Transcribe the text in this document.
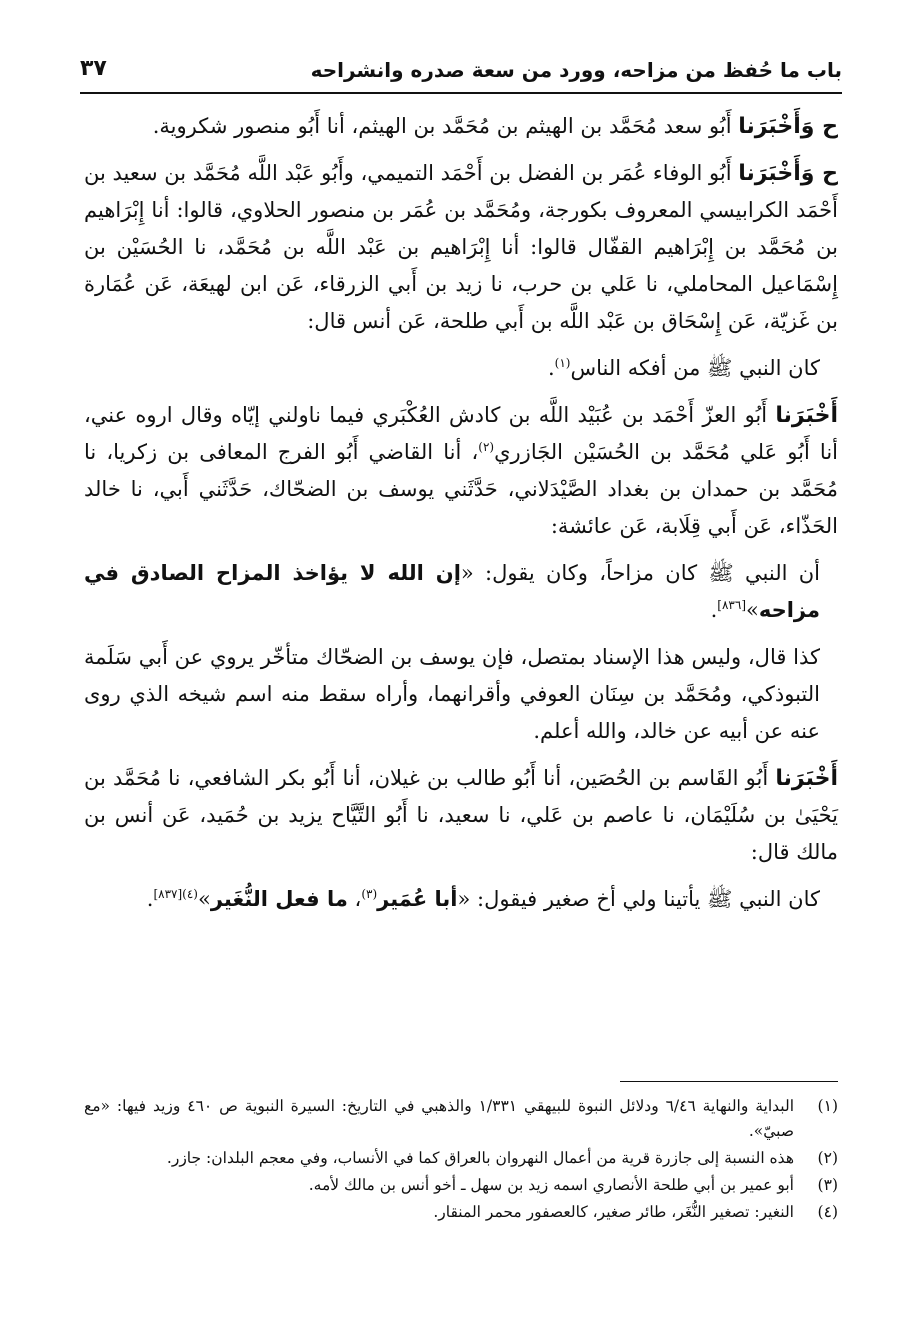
باب ما حُفظ من مزاحه، وورد من سعة صدره وانشراحه
٣٧

ح وَأَخْبَرَنا أَبُو سعد مُحَمَّد بن الهيثم بن مُحَمَّد بن الهيثم، أنا أَبُو منصور شكروية.

ح وَأَخْبَرَنا أَبُو الوفاء عُمَر بن الفضل بن أَحْمَد التميمي، وأَبُو عَبْد اللَّه مُحَمَّد بن سعيد بن أَحْمَد الكرابيسي المعروف بكورجة، ومُحَمَّد بن عُمَر بن منصور الحلاوي، قالوا: أنا إِبْرَاهيم بن مُحَمَّد بن إِبْرَاهيم القفّال قالوا: أنا إِبْرَاهيم بن عَبْد اللَّه بن مُحَمَّد، نا الحُسَيْن بن إِسْمَاعيل المحاملي، نا عَلي بن حرب، نا زيد بن أَبي الزرقاء، عَن ابن لهيعَة، عَن عُمَارة بن غَزيّة، عَن إِسْحَاق بن عَبْد اللَّه بن أَبي طلحة، عَن أنس قال:

كان النبي ﷺ من أفكه الناس$^{(١)}$.

أَخْبَرَنا أَبُو العزّ أَحْمَد بن عُبَيْد اللَّه بن كادش العُكْبَري فيما ناولني إيّاه وقال اروه عني، أنا أَبُو عَلي مُحَمَّد بن الحُسَيْن الجَازري$^{(٢)}$، أنا القاضي أَبُو الفرج المعافى بن زكريا، نا مُحَمَّد بن حمدان بن بغداد الصَّيْدَلاني، حَدَّثَني يوسف بن الضحّاك، حَدَّثَني أَبي، نا خالد الحَذّاء، عَن أَبي قِلَابة، عَن عائشة:

أن النبي ﷺ كان مزاحاً، وكان يقول: «إن الله لا يؤاخذ المزاح الصادق في مزاحه»[٨٣٦].

كذا قال، وليس هذا الإسناد بمتصل، فإن يوسف بن الضحّاك متأخّر يروي عن أَبي سَلَمة التبوذكي، ومُحَمَّد بن سِنَان العوفي وأقرانهما، وأراه سقط منه اسم شيخه الذي روى عنه عن أبيه عن خالد، والله أعلم.

أَخْبَرَنا أَبُو القَاسم بن الحُصَين، أنا أَبُو طالب بن غيلان، أنا أَبُو بكر الشافعي، نا مُحَمَّد بن يَحْيَىٰ بن سُلَيْمَان، نا عاصم بن عَلي، نا سعيد، نا أَبُو التَّيَّاح يزيد بن حُمَيد، عَن أنس بن مالك قال:

كان النبي ﷺ يأتينا ولي أخ صغير فيقول: «أبا عُمَير$^{(٣)}$، ما فعل النُّغَير»$^{(٤)[٨٣٧]}$.

(١)
البداية والنهاية ٦/٤٦ ودلائل النبوة للبيهقي ١/٣٣١ والذهبي في التاريخ: السيرة النبوية ص ٤٦٠ وزيد فيها: «مع صبيّ».
(٢)
هذه النسبة إلى جازرة قرية من أعمال النهروان بالعراق كما في الأنساب، وفي معجم البلدان: جازر.
(٣)
أبو عمير بن أبي طلحة الأنصاري اسمه زيد بن سهل ـ أخو أنس بن مالك لأمه.
(٤)
النغير: تصغير النُّغَر، طائر صغير، كالعصفور محمر المنقار.
